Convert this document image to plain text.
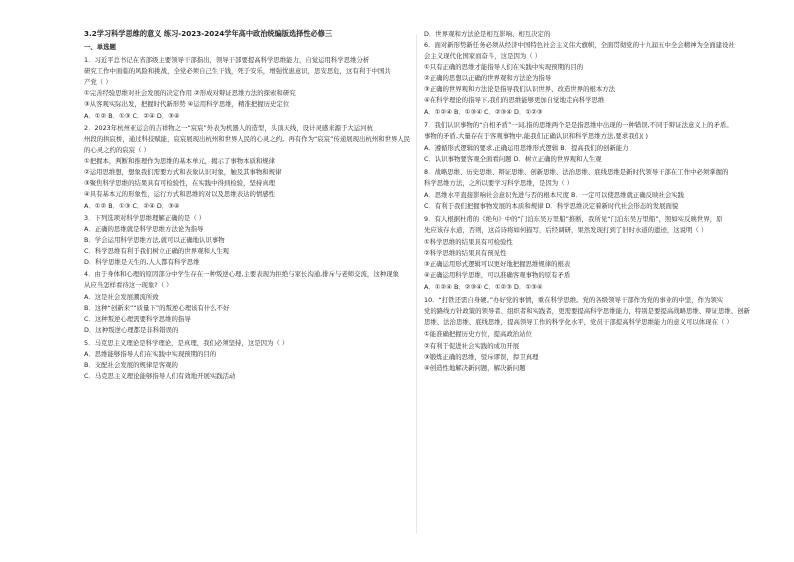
3.2学习科学思维的意义 练习-2023-2024学年高中政治统编版选择性必修三
一、单选题
1．习近平总书记在省部级主要领导干部指出，领导干部要提高科学思维能力，自觉运用科学思维分析
研究工作中面临的风险和挑战，全党必须自己生干钱，死于安乐，增强忧患意识，思安思危，这有利于中国共
产党（ ）
①完善经验思维对社会发展的决定作用 ②形成对辩证思维方法的探索和研究
③从客观实际出发，把握时代新形势 ④运用科学思维，精准把握历史定位
A．①② B．①③ C．②④ D．③④
2．2023年杭州亚运会的吉祥物之一“宸宸”外表为机器人的造型，头顶天线，设计灵感来源于大运河杭
州段的拱宸桥，通过科技赋能，宸宸展现出杭州和世界人民的心灵之约。再有作为“宸宸”传递展现出杭州和世界人民
的心灵之约的宸宸（ ）
①把握本，判断和推理作为思维的基本单元，揭示了事物本质和规律
②运用思维想，想象我们需要方式和表象认识对象，触及其事物和规律
③聚焦科学思维的结果具有可检验性，在实践中得到检验，坚持真理
④具有基本元的形象性，运行方式和思维的对以及思维表达的情感性
A．①② B．①③ C．②④ D．③④
3．下列选项对科学思维理解正确的是（ ）
A．正确的思维就是科学思维方法论为指导
B．学会运用科学思维方法,就可以正确地认识事物
C．科学思维有利于我们树立正确的世界观和人生观
D．科学思维是天生的,人人都有科学思维
4．由于身体和心理的原因部分中学生存在一种叛逆心理,主要表现为拒绝与家长沟通,排斥与老师交流，这种现象
从应当怎样看待这一现象?（ ）
A．这是社会发展潮流所致
B．这种“创新来”“质量下”的叛逆心理该有什么不好
C．这种叛逆心理需要科学思维的指导
D．这种叛逆心理都是非科错误的
5．马克思主义理论是科学理论，是真理，我们必须坚持，这是因为（ ）
A．思维能够指导人们在实践中实现预期的目的
B．支配社会发展的规律是客观的
C．马克思主义理论能够指导人们有效地开展实践活动
D．世界观和方法论是相互影响、相互决定的
6．面对新形势新任务必须从经济中国特色社会主义伟大旗帜，全面贯彻党的十九届五中全会精神为全面建设社
会主义现代化国家而奋斗，这是因为（ ）
①只有正确的思维才能指导人们在实践中实现预期的目的
②正确的思想以正确的世界观和方法论为指导
③正确的世界观和方法论是指导我们认识世界、改造世界的根本方法
④在科学理论的指导下,我们的思维能够更加自觉地走向科学思维
A．①②④ B．①③④ C．②③④ D．①②③
7．我们认识事物的“自相矛盾”一词,指的思维两个是是指思维中出现的一种错误,不同于辩证法意义上的矛盾。
事物的矛盾,大量存在于客观事物中,能我们正确认识和科学思维方法,要求我们( )
A．遵循形式逻辑的要求,正确运用思维形式逻辑 B．提高我们的创新能力
C．认识事物要客观全面看问题 D．树立正确的世界观和人生观
8．战略思维、历史思维、辩证思维、创新思维、法治思维、底线思维是新时代领导干部在工作中必须掌握的
科学思维方法，之所以要学习科学思维，是因为（ ）
A．思维水平直接影响社会意识先进与否的根本尺度 B．一定可以使思维就正确反映社会实践
C．有利于我们把握事物发展的本质和规律 D．科学思维决定着新时代社会形态的发展面貌
9．有人根据杜甫的《绝句》中的“门泊东吴万里船”推断，我所见“门泊东吴万里船”，照如实反映世界，原
先应该存水道，否则，这首诗将如何描写，后经调研，果然发现打到了旧时水道的遗迹，这说明（ ）
①科学思维的结果具有可检验性
②科学思维的结果具有预见性
③正确运用形式逻辑可以更好地把握思维规律的根表
④正确运用科学思维，可以准确客观事物的原有矛盾
A．①②④ B．②③④ C．①②③ D．①③④
10．“打铁还需自身硬。”办好党的事情，重在科学思维。党的各级领导干部作为党的事业的中坚，作为领实
党的路线方针政策的领导者、组织者和实践者，更需要提高科学思维能力，特别是要提高战略思维、辩证思维、创新
思维、法治思维、底线思维，提高领导工作的科学化水平，党员干部提高科学思维能力的意义可以体现在（ ）
①能准确把握历史方位，提高政治站位
②有利于促进社会实践的成功开展
③锻炼正确的思维，驳斥谬误，捍卫真理
④创造性地解决新问题，解决新问题
